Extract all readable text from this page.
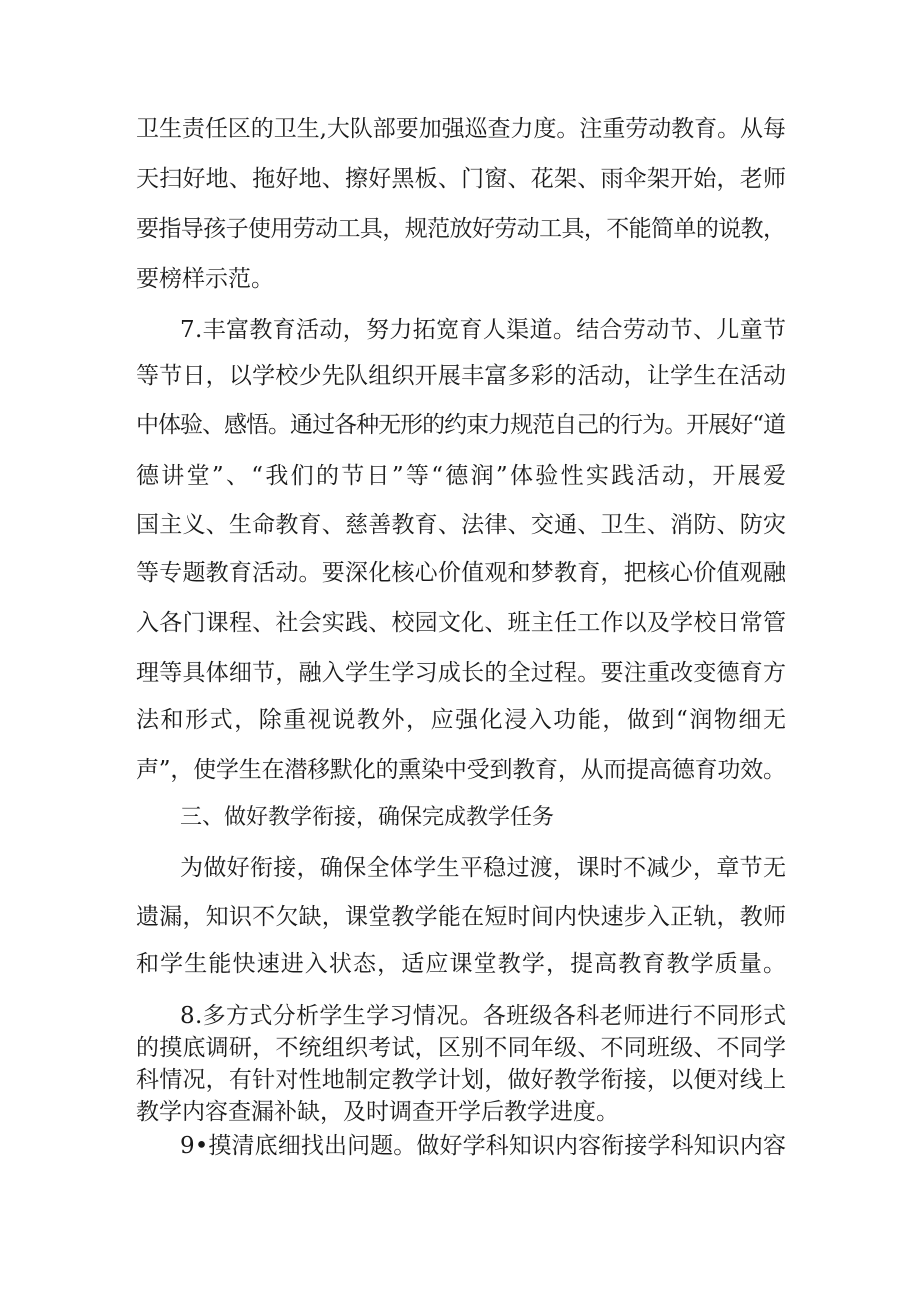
卫生责任区的卫生,大队部要加强巡查力度。注重劳动教育。从每
天扫好地、拖好地、擦好黑板、门窗、花架、雨伞架开始，老师
要指导孩子使用劳动工具，规范放好劳动工具，不能简单的说教，
要榜样示范。
7.丰富教育活动，努力拓宽育人渠道。结合劳动节、儿童节
等节日，以学校少先队组织开展丰富多彩的活动，让学生在活动
中体验、感悟。通过各种无形的约束力规范自己的行为。开展好“道
德讲堂”、“我们的节日”等“德润”体验性实践活动，开展爱
国主义、生命教育、慈善教育、法律、交通、卫生、消防、防灾
等专题教育活动。要深化核心价值观和梦教育，把核心价值观融
入各门课程、社会实践、校园文化、班主任工作以及学校日常管
理等具体细节，融入学生学习成长的全过程。要注重改变德育方
法和形式，除重视说教外，应强化浸入功能，做到“润物细无
声”，使学生在潜移默化的熏染中受到教育，从而提高德育功效。
三、做好教学衔接，确保完成教学任务
为做好衔接，确保全体学生平稳过渡，课时不减少，章节无
遗漏，知识不欠缺，课堂教学能在短时间内快速步入正轨，教师
和学生能快速进入状态，适应课堂教学，提高教育教学质量。
8.多方式分析学生学习情况。各班级各科老师进行不同形式
的摸底调研，不统组织考试，区别不同年级、不同班级、不同学
科情况，有针对性地制定教学计划，做好教学衔接，以便对线上
教学内容查漏补缺，及时调查开学后教学进度。
9•摸清底细找出问题。做好学科知识内容衔接学科知识内容
